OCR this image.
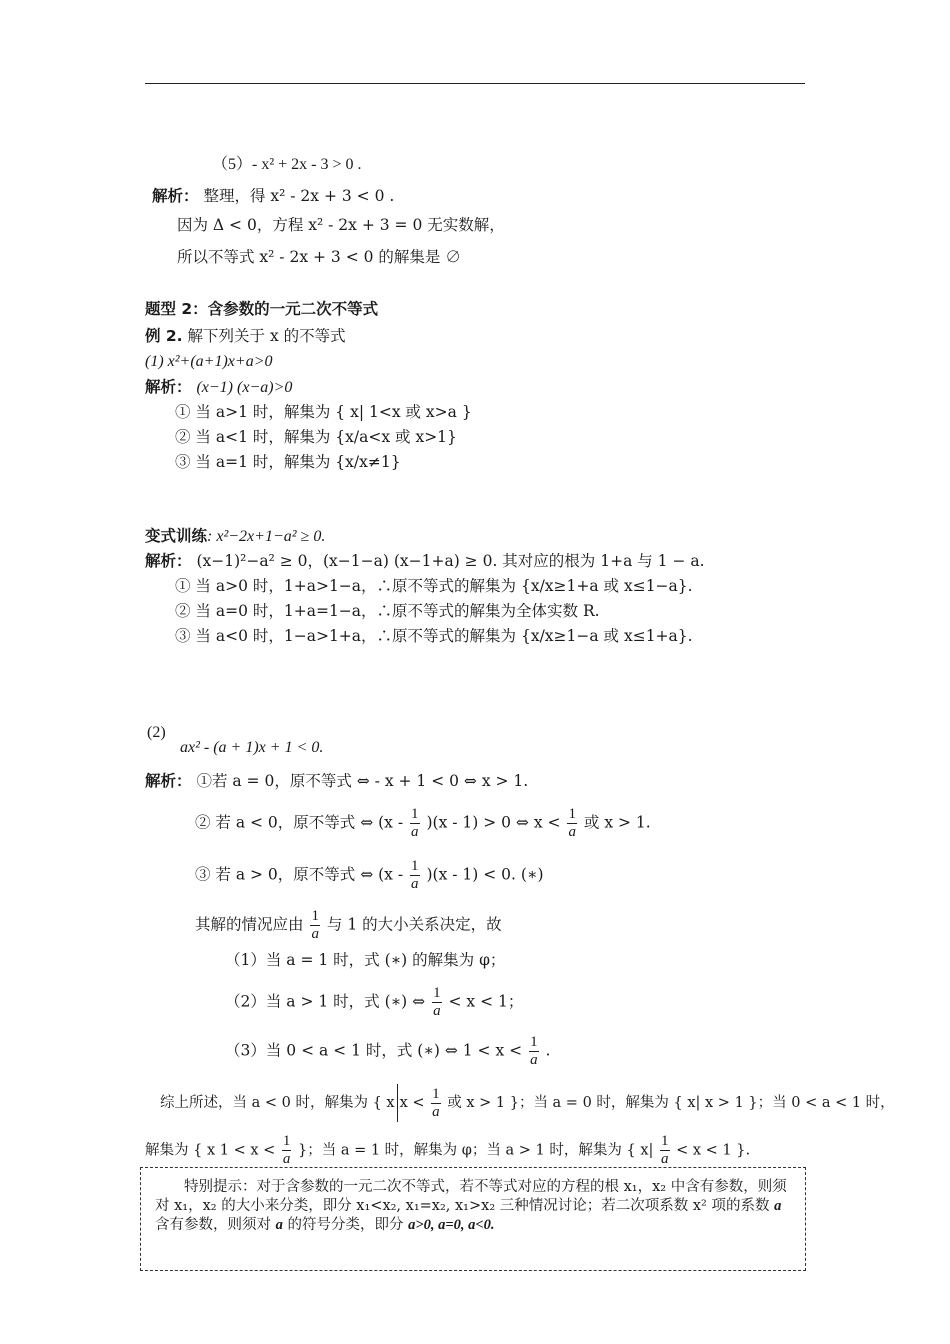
（5）- x² + 2x - 3 > 0 .
解析： 整理，得 x² - 2x + 3 < 0 .
因为 Δ < 0，方程 x² - 2x + 3 = 0 无实数解，
所以不等式 x² - 2x + 3 < 0 的解集是 ∅
题型 2：含参数的一元二次不等式
例 2. 解下列关于 x 的不等式
(1) x²+(a+1)x+a>0
解析： (x−1) (x−a)>0
① 当 a>1 时，解集为 { x| 1<x 或 x>a }
② 当 a<1 时，解集为 {x/a<x 或 x>1}
③ 当 a=1 时，解集为 {x/x≠1}
变式训练: x²−2x+1−a² ≥ 0.
解析： (x−1)²−a² ≥ 0，(x−1−a) (x−1+a) ≥ 0. 其对应的根为 1+a 与 1 − a.
① 当 a>0 时，1+a>1−a，∴原不等式的解集为 {x/x≥1+a 或 x≤1−a}.
② 当 a=0 时，1+a=1−a，∴原不等式的解集为全体实数 R.
③ 当 a<0 时，1−a>1+a，∴原不等式的解集为 {x/x≥1−a 或 x≤1+a}.
(2)
ax² - (a + 1)x + 1 < 0.
解析： ①若 a = 0，原不等式 ⇔ - x + 1 < 0 ⇔ x > 1.
② 若 a < 0，原不等式 ⇔ $(x - \frac{1}{a} )(x - 1) > 0$ ⇔ $x < \frac{1}{a}$ 或 x > 1.
③ 若 a > 0，原不等式 ⇔ $(x - \frac{1}{a} )(x - 1) < 0$. (∗)
其解的情况应由 $\frac{1}{a}$ 与 1 的大小关系决定，故
（1）当 a = 1 时，式 (∗) 的解集为 φ；
（2）当 a > 1 时，式 (∗) ⇔ $\frac{1}{a} < x < 1$；
（3）当 0 < a < 1 时，式 (∗) ⇔ $1 < x < \frac{1}{a}$ .
综上所述，当 a < 0 时，解集为 { x $x < \frac{1}{a}$ 或 x > 1 }；当 a = 0 时，解集为 { x| x > 1 }；当 0 < a < 1 时，
解集为 { x $1 < x < \frac{1}{a}$ }；当 a = 1 时，解集为 φ；当 a > 1 时，解集为 { $x| \frac{1}{a} < x < 1$ }.
特别提示：对于含参数的一元二次不等式，若不等式对应的方程的根 x₁，x₂ 中含有参数，则须对 x₁，x₂ 的大小来分类，即分 x₁<x₂, x₁=x₂, x₁>x₂ 三种情况讨论；若二次项系数 x² 项的系数 a 含有参数，则须对 a 的符号分类，即分 a>0, a=0, a<0.
